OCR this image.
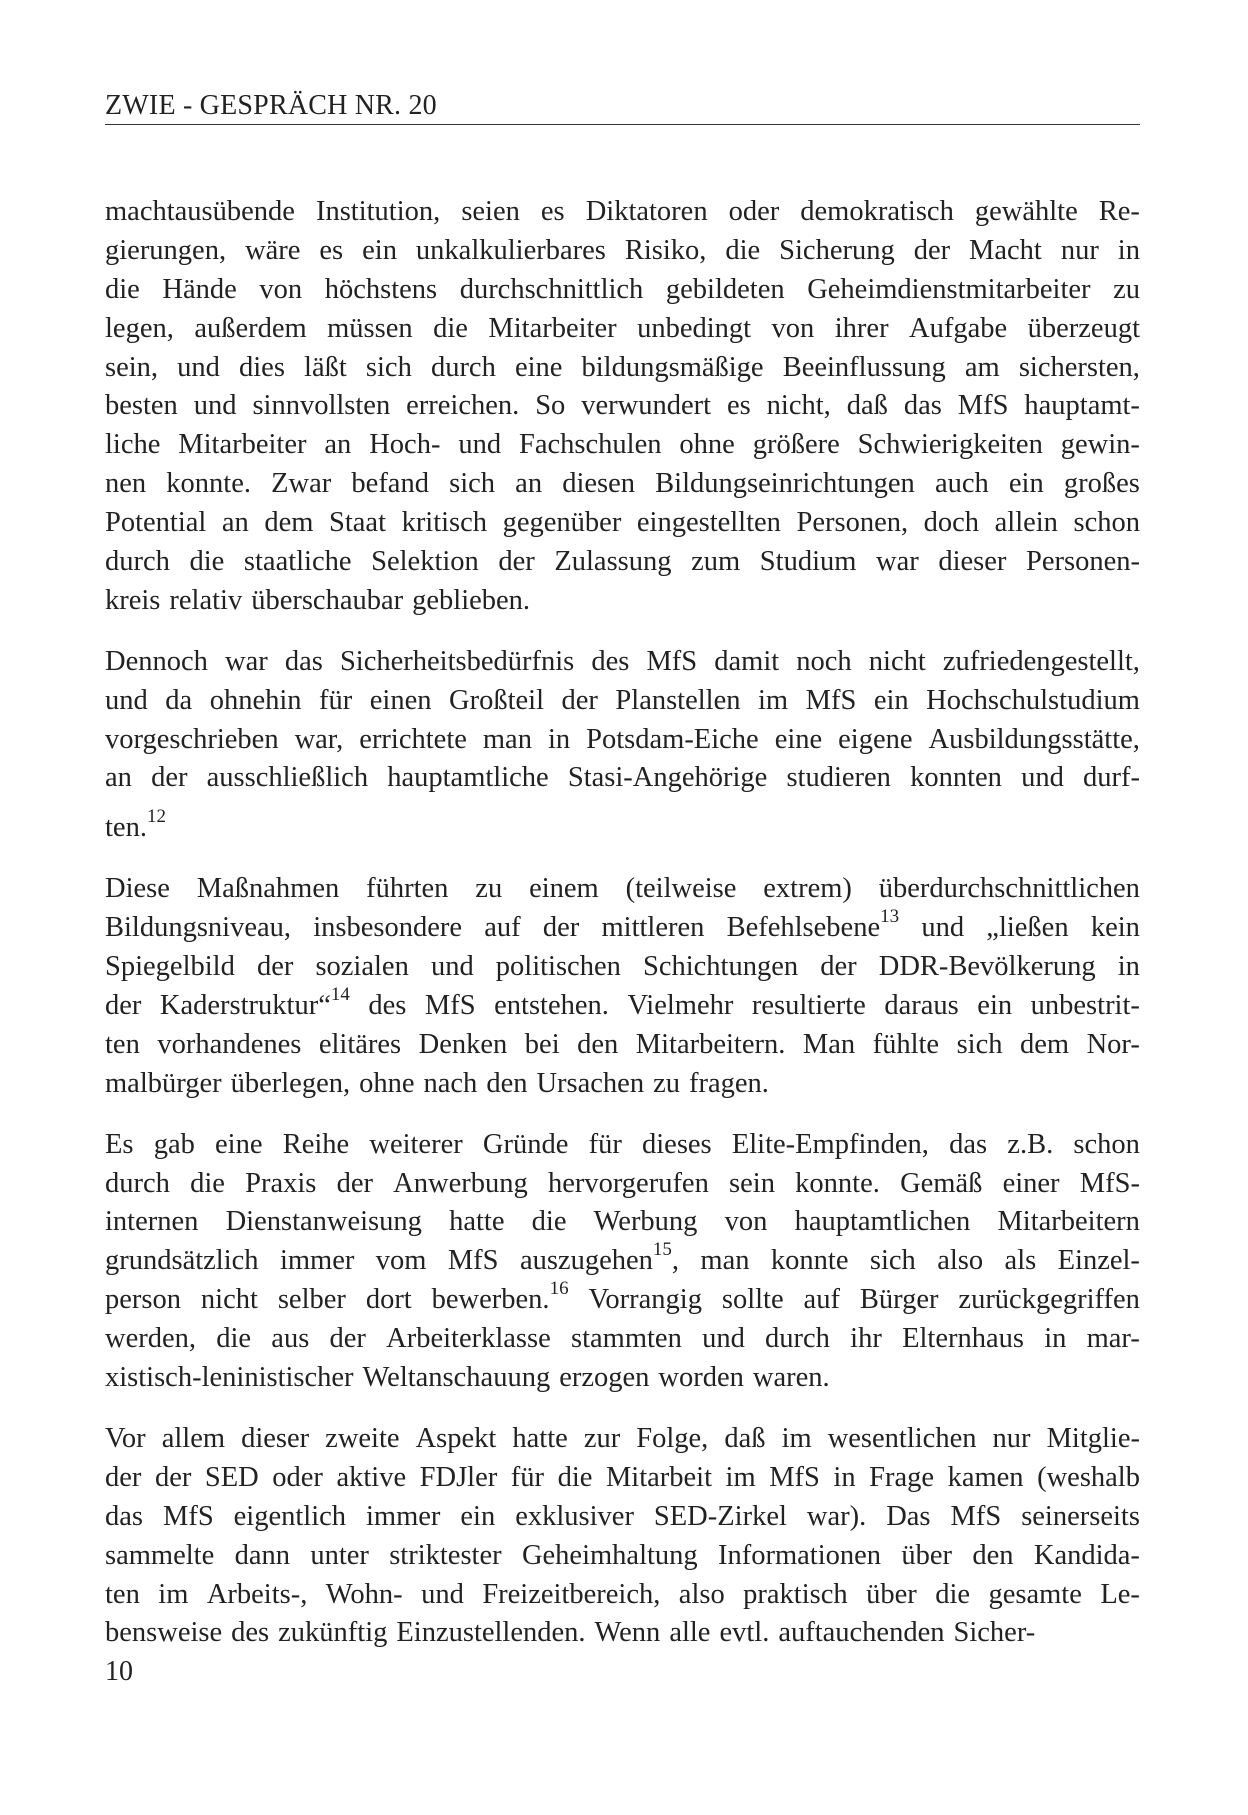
ZWIE - GESPRÄCH NR. 20
machtausübende Institution, seien es Diktatoren oder demokratisch gewählte Re-
gierungen, wäre es ein unkalkulierbares Risiko, die Sicherung der Macht nur in
die Hände von höchstens durchschnittlich gebildeten Geheimdienstmitarbeiter zu
legen, außerdem müssen die Mitarbeiter unbedingt von ihrer Aufgabe überzeugt
sein, und dies läßt sich durch eine bildungsmäßige Beeinflussung am sichersten,
besten und sinnvollsten erreichen. So verwundert es nicht, daß das MfS hauptamt-
liche Mitarbeiter an Hoch- und Fachschulen ohne größere Schwierigkeiten gewin-
nen konnte. Zwar befand sich an diesen Bildungseinrichtungen auch ein großes
Potential an dem Staat kritisch gegenüber eingestellten Personen, doch allein schon
durch die staatliche Selektion der Zulassung zum Studium war dieser Personen-
kreis relativ überschaubar geblieben.
Dennoch war das Sicherheitsbedürfnis des MfS damit noch nicht zufriedengestellt,
und da ohnehin für einen Großteil der Planstellen im MfS ein Hochschulstudium
vorgeschrieben war, errichtete man in Potsdam-Eiche eine eigene Ausbildungsstätte,
an der ausschließlich hauptamtliche Stasi-Angehörige studieren konnten und durf-
ten.$^{12}$
Diese Maßnahmen führten zu einem (teilweise extrem) überdurchschnittlichen
Bildungsniveau, insbesondere auf der mittleren Befehlsebene$^{13}$ und „ließen kein
Spiegelbild der sozialen und politischen Schichtungen der DDR-Bevölkerung in
der Kaderstruktur“$^{14}$ des MfS entstehen. Vielmehr resultierte daraus ein unbestrit-
ten vorhandenes elitäres Denken bei den Mitarbeitern. Man fühlte sich dem Nor-
malbürger überlegen, ohne nach den Ursachen zu fragen.
Es gab eine Reihe weiterer Gründe für dieses Elite-Empfinden, das z.B. schon
durch die Praxis der Anwerbung hervorgerufen sein konnte. Gemäß einer MfS-
internen Dienstanweisung hatte die Werbung von hauptamtlichen Mitarbeitern
grundsätzlich immer vom MfS auszugehen$^{15}$, man konnte sich also als Einzel-
person nicht selber dort bewerben.$^{16}$ Vorrangig sollte auf Bürger zurückgegriffen
werden, die aus der Arbeiterklasse stammten und durch ihr Elternhaus in mar-
xistisch-leninistischer Weltanschauung erzogen worden waren.
Vor allem dieser zweite Aspekt hatte zur Folge, daß im wesentlichen nur Mitglie-
der der SED oder aktive FDJler für die Mitarbeit im MfS in Frage kamen (weshalb
das MfS eigentlich immer ein exklusiver SED-Zirkel war). Das MfS seinerseits
sammelte dann unter striktester Geheimhaltung Informationen über den Kandida-
ten im Arbeits-, Wohn- und Freizeitbereich, also praktisch über die gesamte Le-
bensweise des zukünftig Einzustellenden. Wenn alle evtl. auftauchenden Sicher-
10
